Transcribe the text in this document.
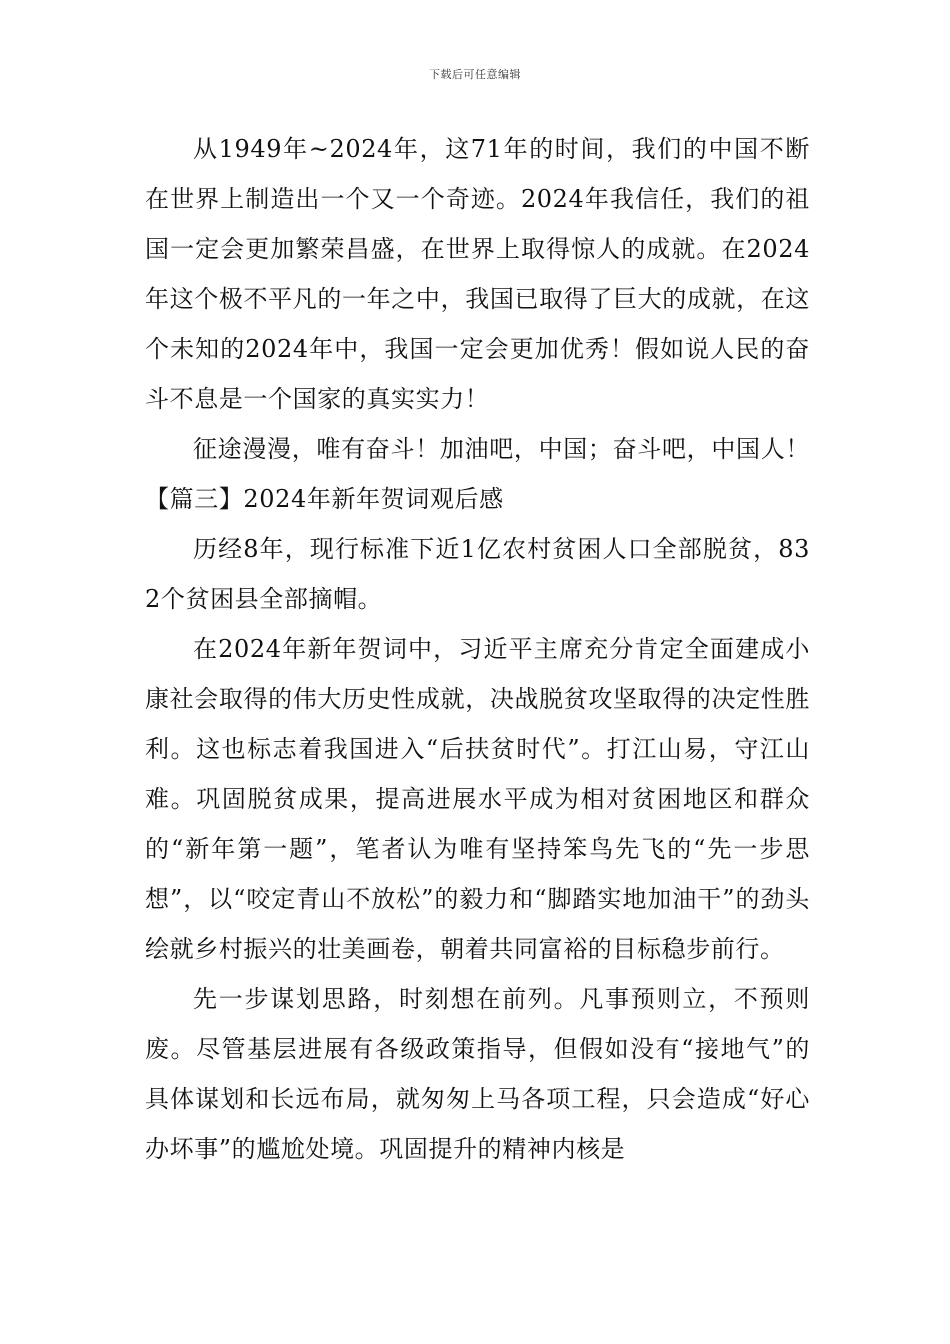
下载后可任意编辑

从1949年~2024年，这71年的时间，我们的中国不断在世界上制造出一个又一个奇迹。2024年我信任，我们的祖国一定会更加繁荣昌盛，在世界上取得惊人的成就。在2024年这个极不平凡的一年之中，我国已取得了巨大的成就，在这个未知的2024年中，我国一定会更加优秀！假如说人民的奋斗不息是一个国家的真实实力！

征途漫漫，唯有奋斗！加油吧，中国；奋斗吧，中国人！【篇三】2024年新年贺词观后感

历经8年，现行标准下近1亿农村贫困人口全部脱贫，832个贫困县全部摘帽。

在2024年新年贺词中，习近平主席充分肯定全面建成小康社会取得的伟大历史性成就，决战脱贫攻坚取得的决定性胜利。这也标志着我国进入“后扶贫时代”。打江山易，守江山难。巩固脱贫成果，提高进展水平成为相对贫困地区和群众的“新年第一题”，笔者认为唯有坚持笨鸟先飞的“先一步思想”，以“咬定青山不放松”的毅力和“脚踏实地加油干”的劲头绘就乡村振兴的壮美画卷，朝着共同富裕的目标稳步前行。

先一步谋划思路，时刻想在前列。凡事预则立，不预则废。尽管基层进展有各级政策指导，但假如没有“接地气”的具体谋划和长远布局，就匆匆上马各项工程，只会造成“好心办坏事”的尴尬处境。巩固提升的精神内核是
